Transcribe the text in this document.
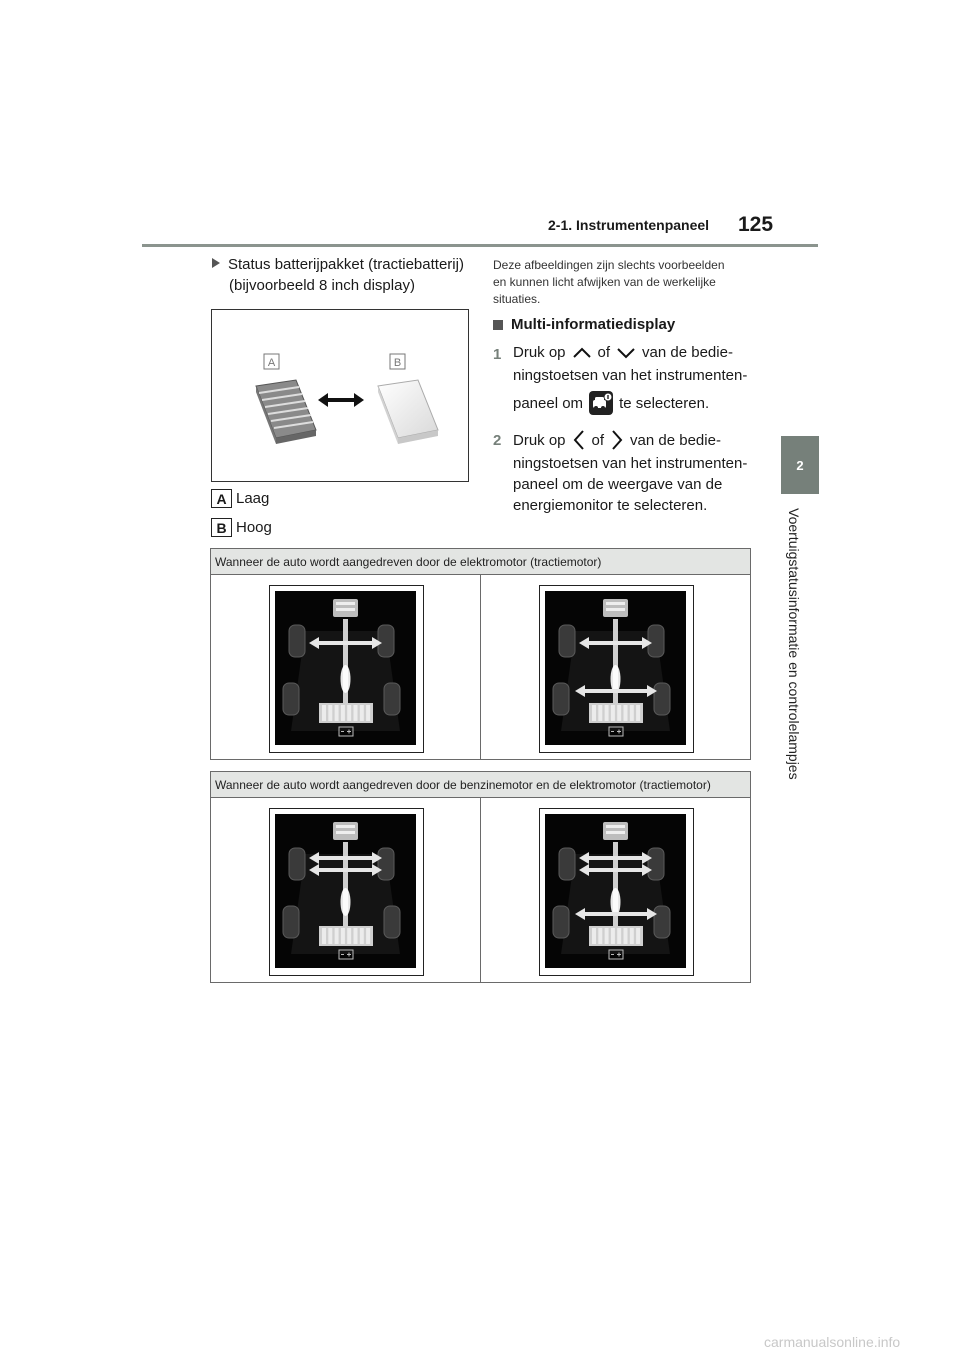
2-1. Instrumentenpaneel 125
2
Voertuigstatusinformatie en controlelampjes
Status batterijpakket (tractiebatterij)
(bijvoorbeeld 8 inch display)
A	B
A Laag
B Hoog
Deze afbeeldingen zijn slechts voorbeelden
en kunnen licht afwijken van de werkelijke
situaties.
Multi-informatiedisplay
1 Druk op of van de bedie-
ningstoetsen van het instrumenten-
paneel om te selecteren.
2 Druk op of van de bedie-
ningstoetsen van het instrumenten-
paneel om de weergave van de
energiemonitor te selecteren.
Wanneer de auto wordt aangedreven door de elektromotor (tractiemotor)
Wanneer de auto wordt aangedreven door de benzinemotor en de elektromotor (tractiemotor)
carmanualsonline.info
